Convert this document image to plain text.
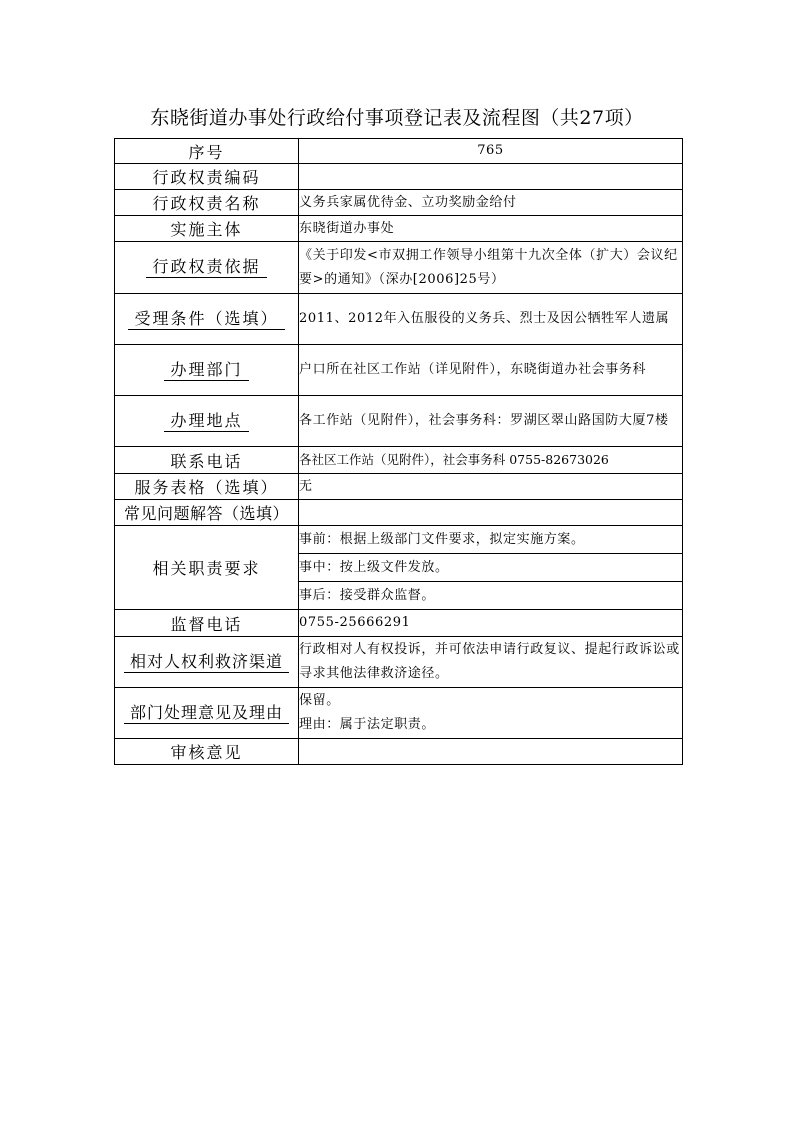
东晓街道办事处行政给付事项登记表及流程图（共27项）
序号	765
行政权责编码	
行政权责名称	义务兵家属优待金、立功奖励金给付
实施主体	东晓街道办事处
行政权责依据	《关于印发<市双拥工作领导小组第十九次全体（扩大）会议纪要>的通知》（深办[2006]25号）
受理条件（选填）	2011、2012年入伍服役的义务兵、烈士及因公牺牲军人遗属
办理部门	户口所在社区工作站（详见附件），东晓街道办社会事务科
办理地点	各工作站（见附件），社会事务科：罗湖区翠山路国防大厦7楼
联系电话	各社区工作站（见附件），社会事务科 0755-82673026
服务表格（选填）	无
常见问题解答（选填）	
相关职责要求	事前：根据上级部门文件要求，拟定实施方案。
	事中：按上级文件发放。
	事后：接受群众监督。
监督电话	0755-25666291
相对人权利救济渠道	行政相对人有权投诉，并可依法申请行政复议、提起行政诉讼或寻求其他法律救济途径。
部门处理意见及理由	保留。
理由：属于法定职责。

审核意见	
